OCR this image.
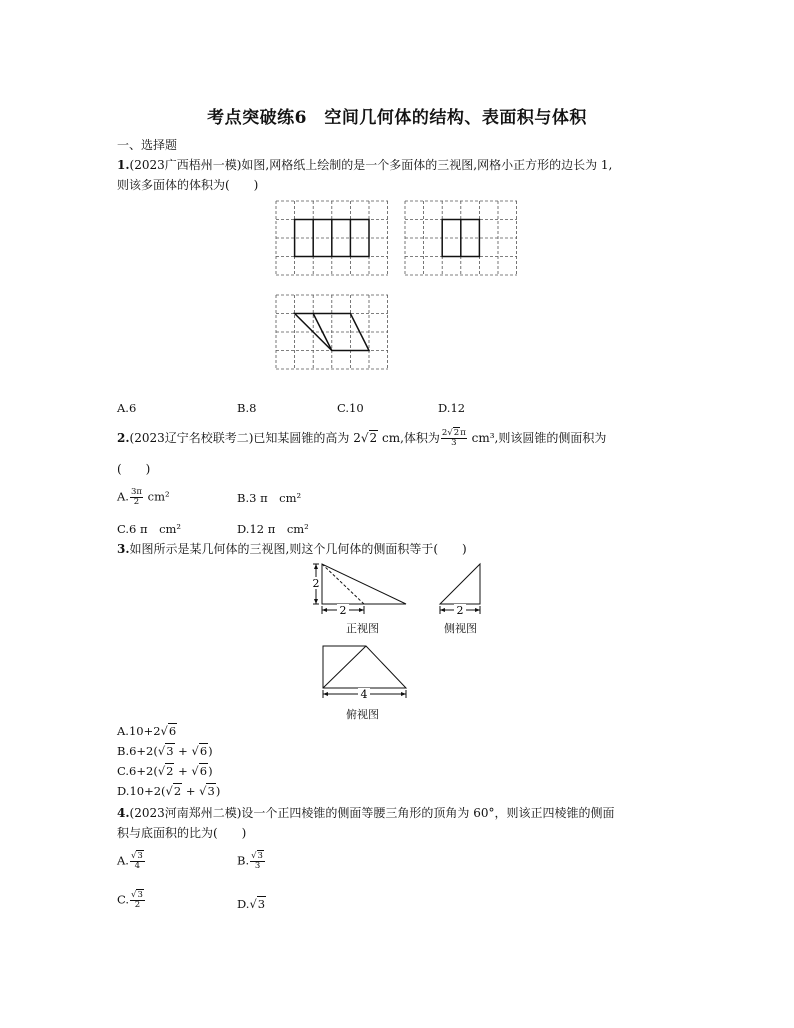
考点突破练6　空间几何体的结构、表面积与体积
一、选择题
1.(2023广西梧州一模)如图,网格纸上绘制的是一个多面体的三视图,网格小正方形的边长为 1,
则该多面体的体积为(　　)
A.6	B.8	C.10	D.12
2.(2023辽宁名校联考二)已知某圆锥的高为 2√2 cm,体积为 $\frac{2√2\pi}{3} cm^3$,则该圆锥的侧面积为
(　　)
A. $\frac{3\pi}{2} cm^2$	B.3 π　cm²
C.6 π　cm²	D.12 π　cm²
3.如图所示是某几何体的三视图,则这个几何体的侧面积等于(　　)
2
2
正视图
2
侧视图
4
俯视图
A.10+2√6
B.6+2(√3 + √6)
C.6+2(√2 + √6)
D.10+2(√2 + √3)
4.(2023河南郑州二模)设一个正四棱锥的侧面等腰三角形的顶角为 60°，则该正四棱锥的侧面
积与底面积的比为(　　)
A. $\frac{√3}{4}$	B. $\frac{√3}{3}$
C. $\frac{√3}{2}$	D.√3
